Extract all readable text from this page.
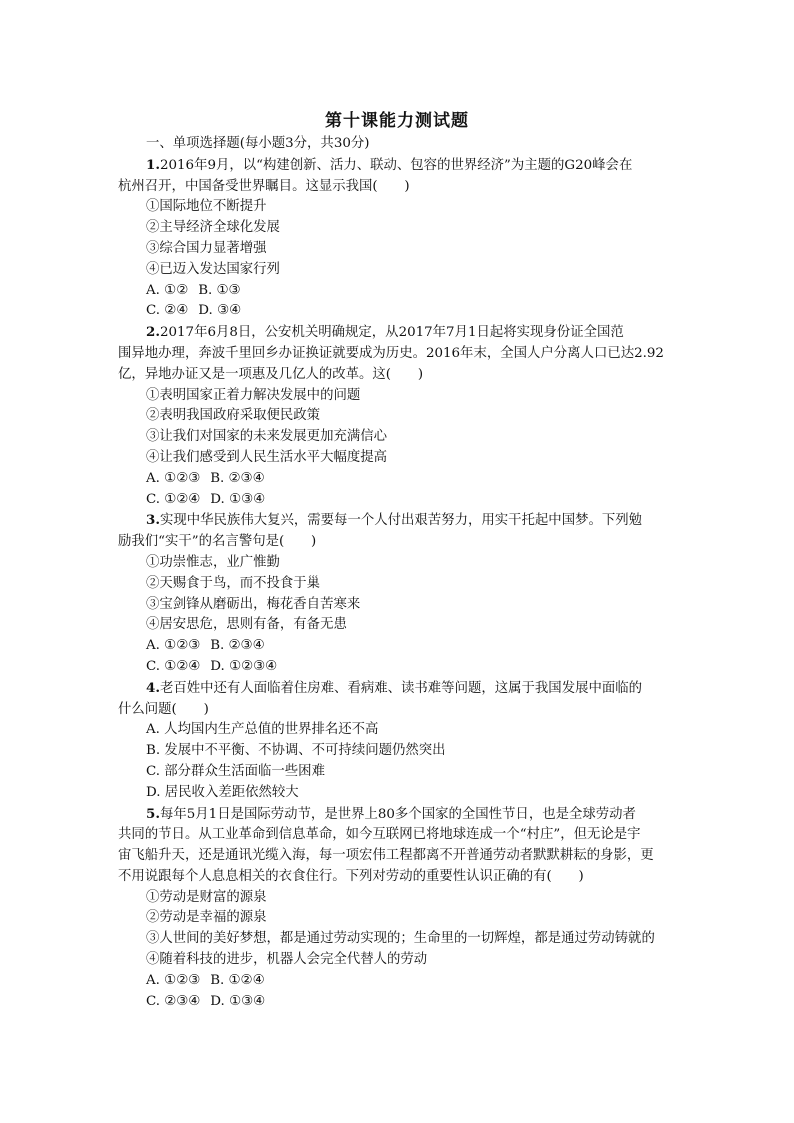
第十课能力测试题
一、单项选择题(每小题3分，共30分)
1.2016年9月，以“构建创新、活力、联动、包容的世界经济”为主题的G20峰会在
杭州召开，中国备受世界瞩目。这显示我国(　　)
①国际地位不断提升
②主导经济全球化发展
③综合国力显著增强
④已迈入发达国家行列
A. ①② B. ①③
C. ②④ D. ③④
2.2017年6月8日，公安机关明确规定，从2017年7月1日起将实现身份证全国范
围异地办理，奔波千里回乡办证换证就要成为历史。2016年末，全国人户分离人口已达2.92
亿，异地办证又是一项惠及几亿人的改革。这(　　)
①表明国家正着力解决发展中的问题
②表明我国政府采取便民政策
③让我们对国家的未来发展更加充满信心
④让我们感受到人民生活水平大幅度提高
A. ①②③ B. ②③④
C. ①②④ D. ①③④
3.实现中华民族伟大复兴，需要每一个人付出艰苦努力，用实干托起中国梦。下列勉
励我们“实干”的名言警句是(　　)
①功崇惟志，业广惟勤
②天赐食于鸟，而不投食于巢
③宝剑锋从磨砺出，梅花香自苦寒来
④居安思危，思则有备，有备无患
A. ①②③ B. ②③④
C. ①②④ D. ①②③④
4.老百姓中还有人面临着住房难、看病难、读书难等问题，这属于我国发展中面临的
什么问题(　　)
A. 人均国内生产总值的世界排名还不高
B. 发展中不平衡、不协调、不可持续问题仍然突出
C. 部分群众生活面临一些困难
D. 居民收入差距依然较大
5.每年5月1日是国际劳动节，是世界上80多个国家的全国性节日，也是全球劳动者
共同的节日。从工业革命到信息革命，如今互联网已将地球连成一个“村庄”，但无论是宇
宙飞船升天，还是通讯光缆入海，每一项宏伟工程都离不开普通劳动者默默耕耘的身影，更
不用说跟每个人息息相关的衣食住行。下列对劳动的重要性认识正确的有(　　)
①劳动是财富的源泉
②劳动是幸福的源泉
③人世间的美好梦想，都是通过劳动实现的；生命里的一切辉煌，都是通过劳动铸就的
④随着科技的进步，机器人会完全代替人的劳动
A. ①②③ B. ①②④
C. ②③④ D. ①③④
